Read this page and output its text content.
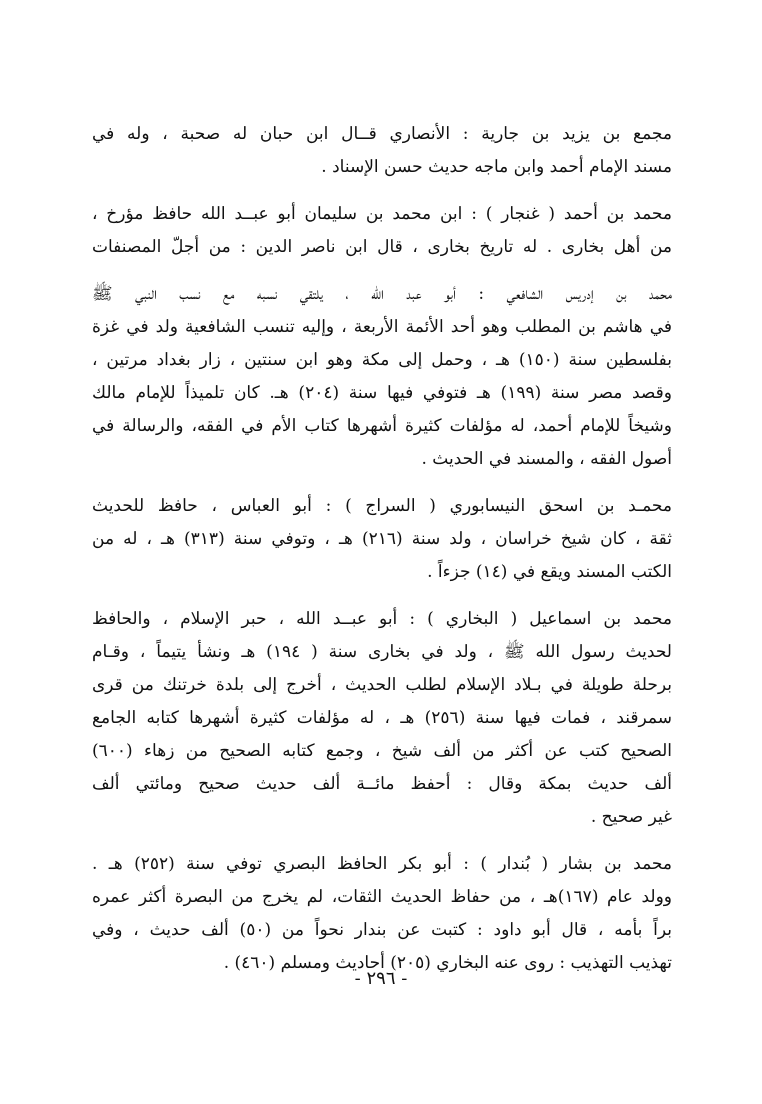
مجمع بن يزيد بن جارية : الأنصاري قــال ابن حبان له صحبة ، وله في
مسند الإمام أحمد وابن ماجه حديث حسن الإسناد .
محمد بن أحمد ( غنجار ) : ابن محمد بن سليمان أبو عبــد الله حافظ مؤرخ ،
من أهل بخارى . له تاريخ بخارى ، قال ابن ناصر الدين : من أجلّ المصنفات
محمد بن إدريس الشافعي : أبو عبد الله ، يلتقي نسبه مع نسب النبي ﷺ
في هاشم بن المطلب وهو أحد الأئمة الأربعة ، وإليه تنسب الشافعية ولد في غزة
بفلسطين سنة (١٥٠) هـ ، وحمل إلى مكة وهو ابن سنتين ، زار بغداد مرتين ،
وقصد مصر سنة (١٩٩) هـ فتوفي فيها سنة (٢٠٤) هـ. كان تلميذاً للإمام مالك
وشيخاً للإمام أحمد، له مؤلفات كثيرة أشهرها كتاب الأم في الفقه، والرسالة في
أصول الفقه ، والمسند في الحديث .
محمـد بن اسحق النيسابوري ( السراج ) : أبو العباس ، حافظ للحديث
ثقة ، كان شيخ خراسان ، ولد سنة (٢١٦) هـ ، وتوفي سنة (٣١٣) هـ ، له من
الكتب المسند ويقع في (١٤) جزءاً .
محمد بن اسماعيل ( البخاري ) : أبو عبــد الله ، حبر الإسلام ، والحافظ
لحديث رسول الله ﷺ ، ولد في بخارى سنة ( ١٩٤) هـ ونشأ يتيماً ، وقـام
برحلة طويلة في بـلاد الإسلام لطلب الحديث ، أخرج إلى بلدة خرتنك من قرى
سمرقند ، فمات فيها سنة (٢٥٦) هـ ، له مؤلفات كثيرة أشهرها كتابه الجامع
الصحيح كتب عن أكثر من ألف شيخ ، وجمع كتابه الصحيح من زهاء (٦٠٠)
ألف حديث بمكة وقال : أحفظ مائــة ألف حديث صحيح ومائتي ألف
غير صحيح .
محمد بن بشار ( بُندار ) : أبو بكر الحافظ البصري توفي سنة (٢٥٢) هـ .
وولد عام (١٦٧)هـ ، من حفاظ الحديث الثقات، لم يخرج من البصرة أكثر عمره
براً بأمه ، قال أبو داود : كتبت عن بندار نحواً من (٥٠) ألف حديث ، وفي
تهذيب التهذيب : روى عنه البخاري (٢٠٥) أحاديث ومسلم (٤٦٠) .
- ٢٩٦ -
